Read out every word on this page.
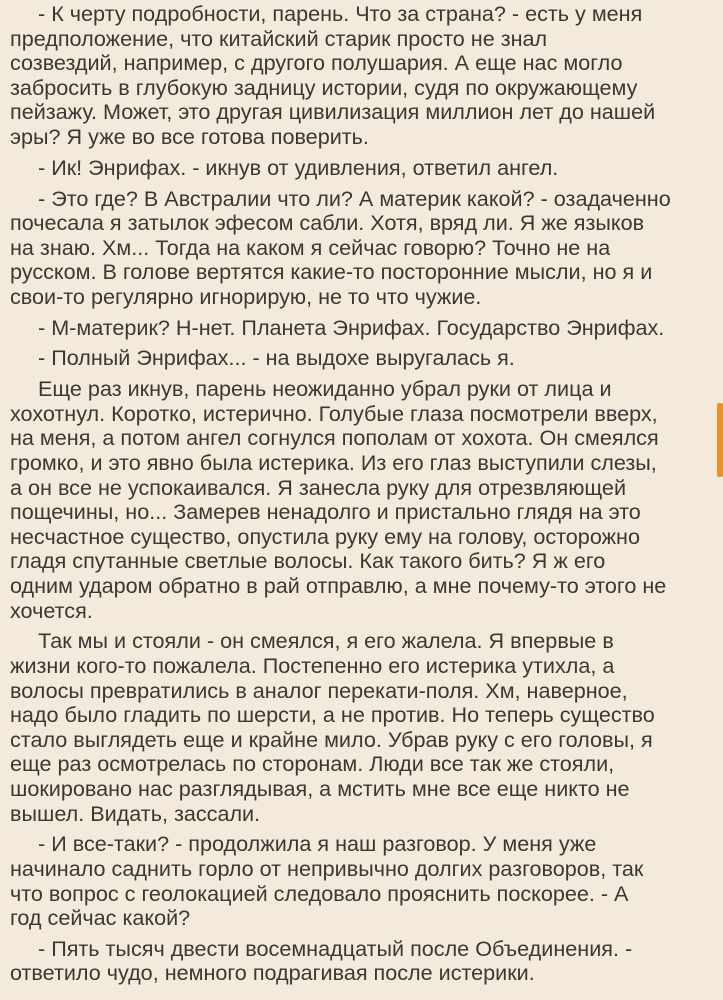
- К черту подробности, парень. Что за страна? - есть у меня
предположение, что китайский старик просто не знал
созвездий, например, с другого полушария. А еще нас могло
забросить в глубокую задницу истории, судя по окружающему
пейзажу. Может, это другая цивилизация миллион лет до нашей
эры? Я уже во все готова поверить.

- Ик! Энрифах. - икнув от удивления, ответил ангел.

- Это где? В Австралии что ли? А материк какой? - озадаченно
почесала я затылок эфесом сабли. Хотя, вряд ли. Я же языков
на знаю. Хм... Тогда на каком я сейчас говорю? Точно не на
русском. В голове вертятся какие-то посторонние мысли, но я и
свои-то регулярно игнорирую, не то что чужие.

- М-материк? Н-нет. Планета Энрифах. Государство Энрифах.

- Полный Энрифах... - на выдохе выругалась я.

Еще раз икнув, парень неожиданно убрал руки от лица и
хохотнул. Коротко, истерично. Голубые глаза посмотрели вверх,
на меня, а потом ангел согнулся пополам от хохота. Он смеялся
громко, и это явно была истерика. Из его глаз выступили слезы,
а он все не успокаивался. Я занесла руку для отрезвляющей
пощечины, но... Замерев ненадолго и пристально глядя на это
несчастное существо, опустила руку ему на голову, осторожно
гладя спутанные светлые волосы. Как такого бить? Я ж его
одним ударом обратно в рай отправлю, а мне почему-то этого не
хочется.

Так мы и стояли - он смеялся, я его жалела. Я впервые в
жизни кого-то пожалела. Постепенно его истерика утихла, а
волосы превратились в аналог перекати-поля. Хм, наверное,
надо было гладить по шерсти, а не против. Но теперь существо
стало выглядеть еще и крайне мило. Убрав руку с его головы, я
еще раз осмотрелась по сторонам. Люди все так же стояли,
шокировано нас разглядывая, а мстить мне все еще никто не
вышел. Видать, зассали.

- И все-таки? - продолжила я наш разговор. У меня уже
начинало саднить горло от непривычно долгих разговоров, так
что вопрос с геолокацией следовало прояснить поскорее. - А
год сейчас какой?

- Пять тысяч двести восемнадцатый после Объединения. -
ответило чудо, немного подрагивая после истерики.
